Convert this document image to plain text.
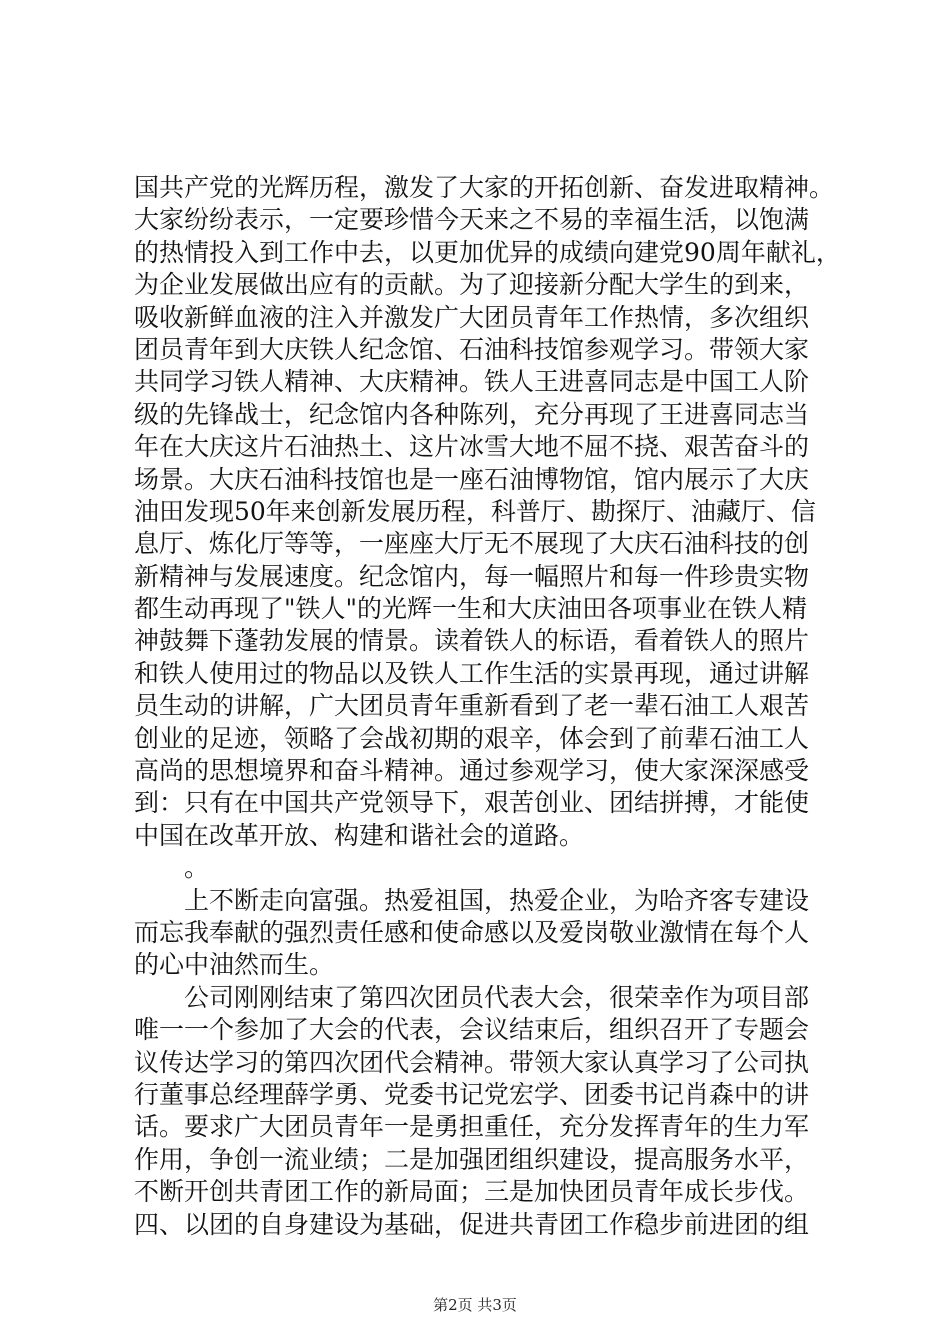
国共产党的光辉历程，激发了大家的开拓创新、奋发进取精神。
大家纷纷表示，一定要珍惜今天来之不易的幸福生活，以饱满
的热情投入到工作中去，以更加优异的成绩向建党90周年献礼，
为企业发展做出应有的贡献。为了迎接新分配大学生的到来，
吸收新鲜血液的注入并激发广大团员青年工作热情，多次组织
团员青年到大庆铁人纪念馆、石油科技馆参观学习。带领大家
共同学习铁人精神、大庆精神。铁人王进喜同志是中国工人阶
级的先锋战士，纪念馆内各种陈列，充分再现了王进喜同志当
年在大庆这片石油热土、这片冰雪大地不屈不挠、艰苦奋斗的
场景。大庆石油科技馆也是一座石油博物馆，馆内展示了大庆
油田发现50年来创新发展历程，科普厅、勘探厅、油藏厅、信
息厅、炼化厅等等，一座座大厅无不展现了大庆石油科技的创
新精神与发展速度。纪念馆内，每一幅照片和每一件珍贵实物
都生动再现了"铁人"的光辉一生和大庆油田各项事业在铁人精
神鼓舞下蓬勃发展的情景。读着铁人的标语，看着铁人的照片
和铁人使用过的物品以及铁人工作生活的实景再现，通过讲解
员生动的讲解，广大团员青年重新看到了老一辈石油工人艰苦
创业的足迹，领略了会战初期的艰辛，体会到了前辈石油工人
高尚的思想境界和奋斗精神。通过参观学习，使大家深深感受
到：只有在中国共产党领导下，艰苦创业、团结拼搏，才能使
中国在改革开放、构建和谐社会的道路。
　　。
　　上不断走向富强。热爱祖国，热爱企业，为哈齐客专建设
而忘我奉献的强烈责任感和使命感以及爱岗敬业激情在每个人
的心中油然而生。
　　公司刚刚结束了第四次团员代表大会，很荣幸作为项目部
唯一一个参加了大会的代表，会议结束后，组织召开了专题会
议传达学习的第四次团代会精神。带领大家认真学习了公司执
行董事总经理薛学勇、党委书记党宏学、团委书记肖森中的讲
话。要求广大团员青年一是勇担重任，充分发挥青年的生力军
作用，争创一流业绩；二是加强团组织建设，提高服务水平，
不断开创共青团工作的新局面；三是加快团员青年成长步伐。
四、以团的自身建设为基础，促进共青团工作稳步前进团的组
第2页 共3页
